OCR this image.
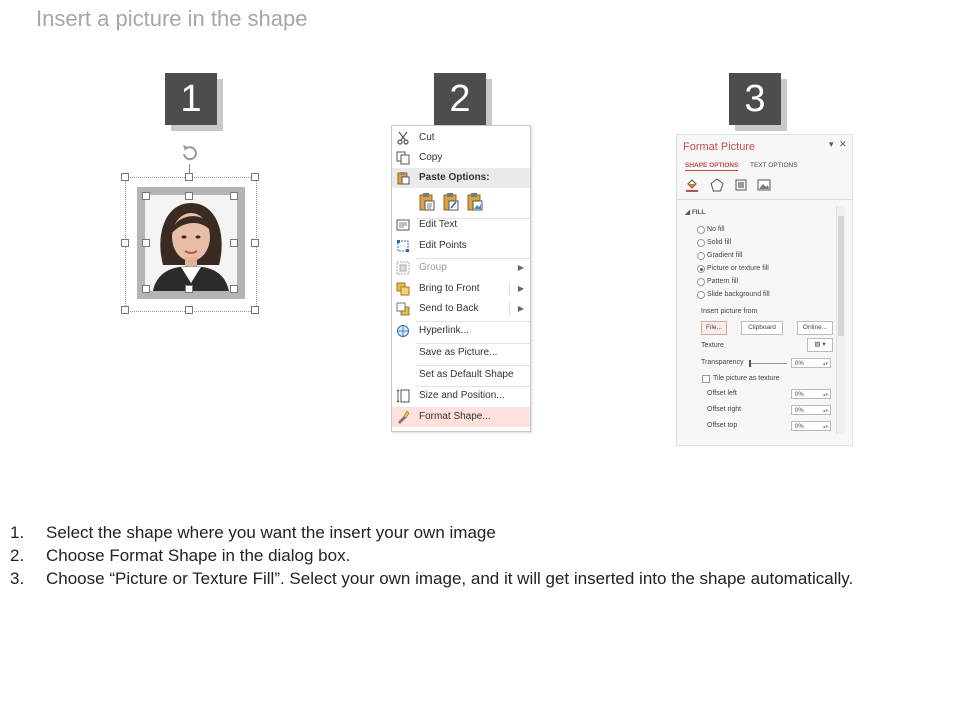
Insert a picture in the shape
1	2	3
Cut
Copy
Paste Options:
Edit Text
Edit Points
Group	▶
Bring to Front	▶
Send to Back	▶
Hyperlink...
Save as Picture...
Set as Default Shape
Size and Position...
Format Shape...
Format Picture	▾ ✕
SHAPE OPTIONS TEXT OPTIONS
◢ FILL
No fill
Solid fill
Gradient fill
Picture or texture fill
Pattern fill
Slide background fill
Insert picture from
File...	Clipboard	Online...
Texture	▨ ▾
Transparency	0%	▴▾
Tile picture as texture
Offset left	0%	▴▾
Offset right	0%	▴▾
Offset top	0%	▴▾
1. Select the shape where you want the insert your own image
2. Choose Format Shape in the dialog box.
3. Choose “Picture or Texture Fill”. Select your own image, and it will get inserted into the shape automatically.
